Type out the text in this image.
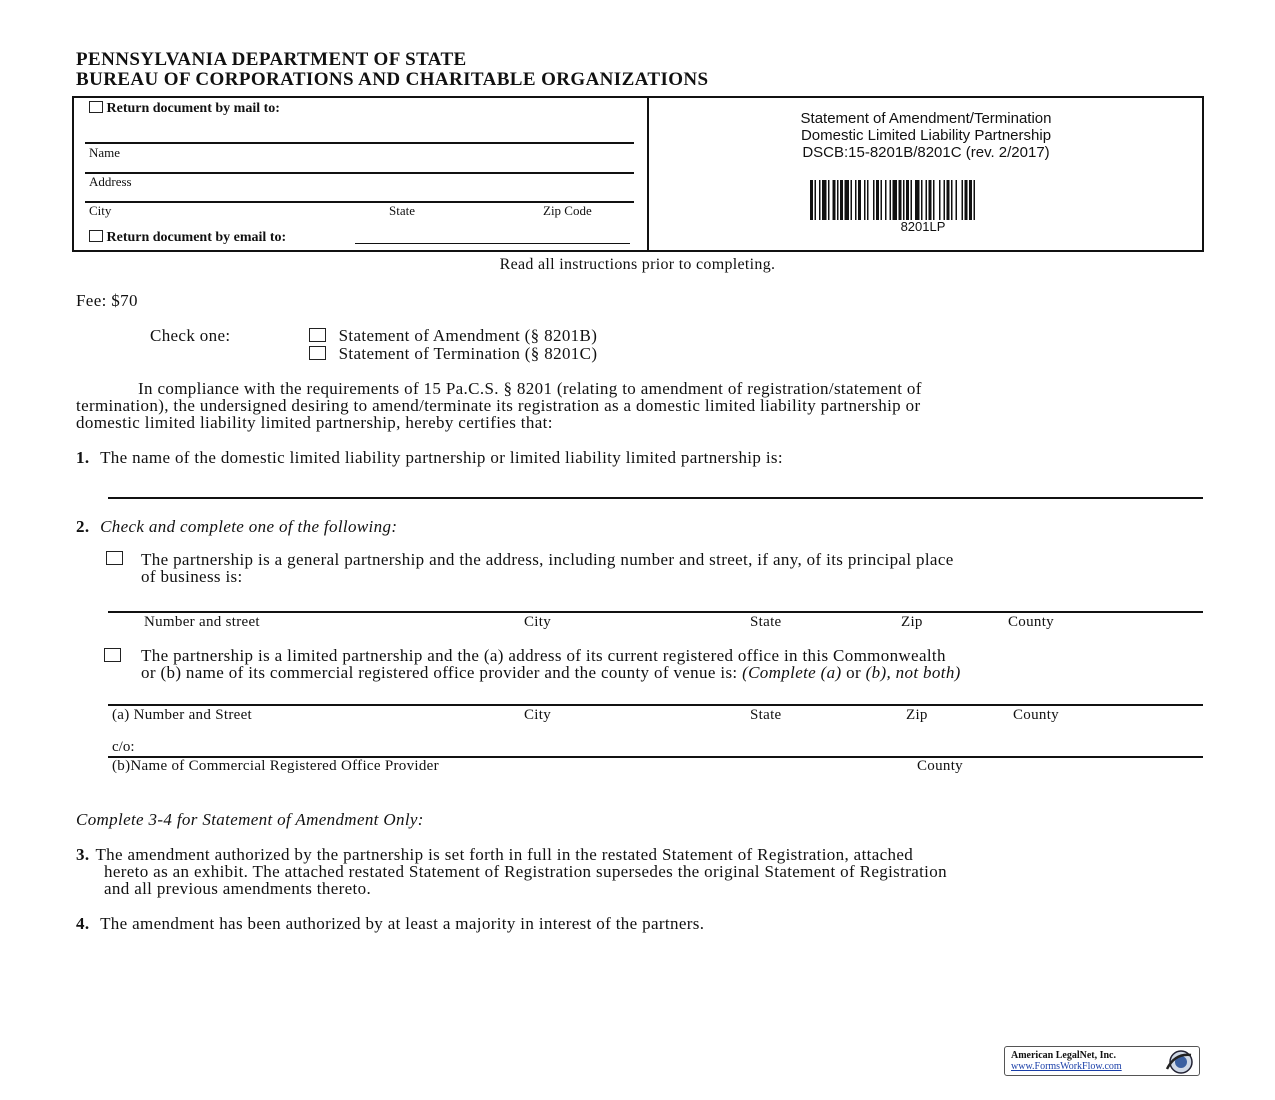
PENNSYLVANIA DEPARTMENT OF STATE
BUREAU OF CORPORATIONS AND CHARITABLE ORGANIZATIONS
Return document by mail to:
Name
Address
City	State	Zip Code
Return document by email to:
Statement of Amendment/Termination
Domestic Limited Liability Partnership
DSCB:15-8201B/8201C (rev. 2/2017)
8201LP
Read all instructions prior to completing.
Fee: $70
Check one:	Statement of Amendment (§ 8201B)
Statement of Termination (§ 8201C)
In compliance with the requirements of 15 Pa.C.S. § 8201 (relating to amendment of registration/statement of
termination), the undersigned desiring to amend/terminate its registration as a domestic limited liability partnership or
domestic limited liability limited partnership, hereby certifies that:
1. The name of the domestic limited liability partnership or limited liability limited partnership is:
2. Check and complete one of the following:
The partnership is a general partnership and the address, including number and street, if any, of its principal place
of business is:
Number and street	City	State	Zip	County
The partnership is a limited partnership and the (a) address of its current registered office in this Commonwealth
or (b) name of its commercial registered office provider and the county of venue is: (Complete (a) or (b), not both)
(a) Number and Street	City	State	Zip	County
c/o:
(b)Name of Commercial Registered Office Provider	County
Complete 3-4 for Statement of Amendment Only:
3. The amendment authorized by the partnership is set forth in full in the restated Statement of Registration, attached
hereto as an exhibit. The attached restated Statement of Registration supersedes the original Statement of Registration
and all previous amendments thereto.
4. The amendment has been authorized by at least a majority in interest of the partners.
American LegalNet, Inc.
www.FormsWorkFlow.com
